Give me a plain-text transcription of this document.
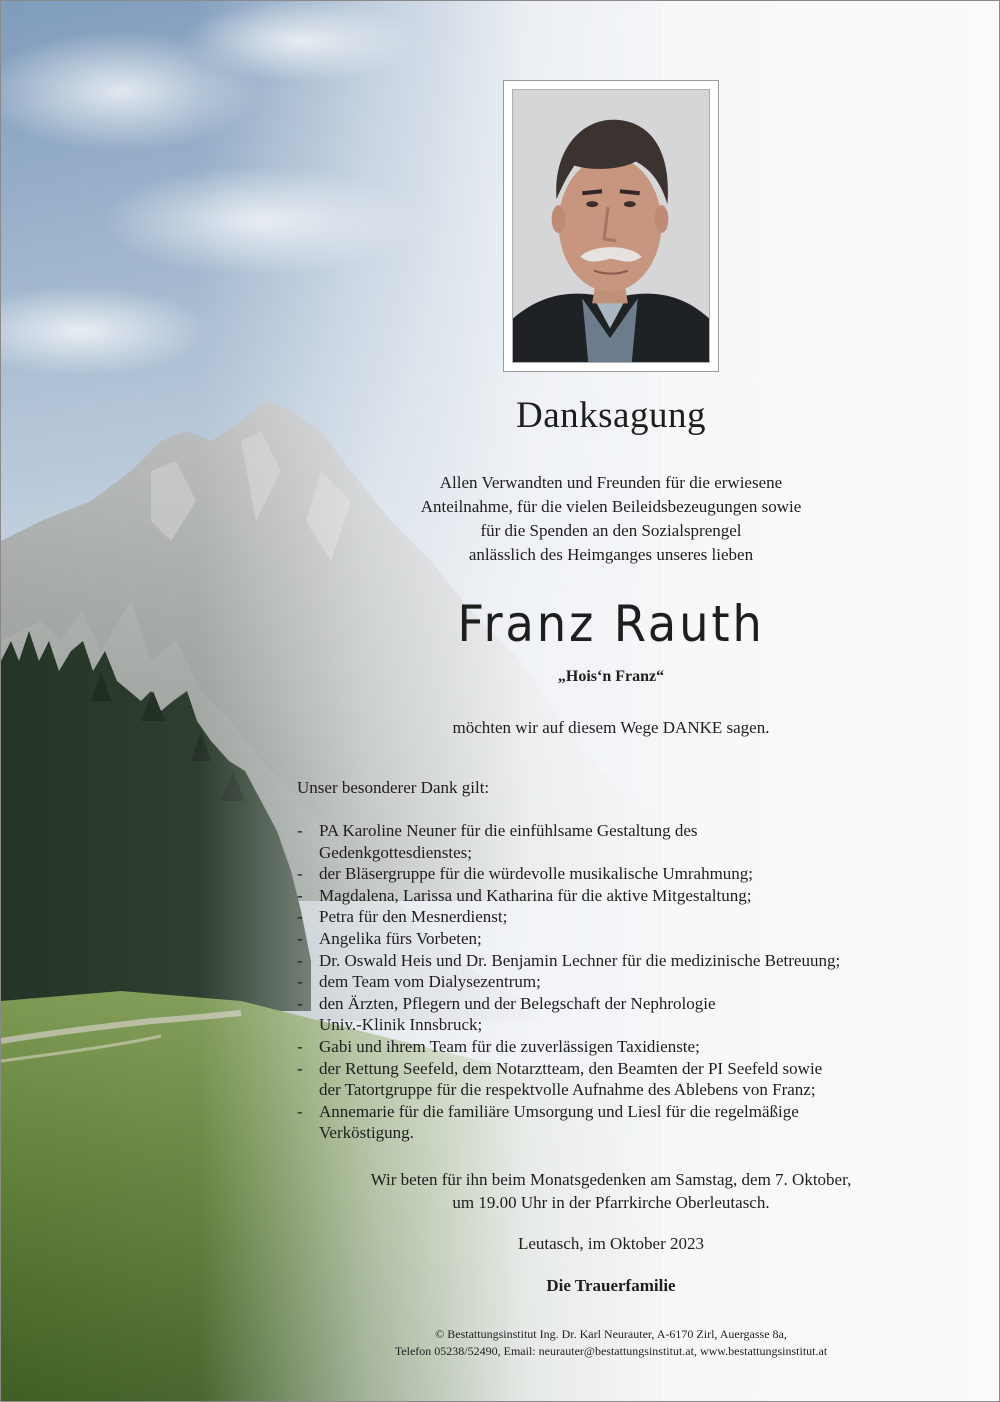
Danksagung
Allen Verwandten und Freunden für die erwiesene
Anteilnahme, für die vielen Beileidsbezeugungen sowie
für die Spenden an den Sozialsprengel
anlässlich des Heimganges unseres lieben
Franz Rauth
„Hois‘n Franz“
möchten wir auf diesem Wege DANKE sagen.
Unser besonderer Dank gilt:
- PA Karoline Neuner für die einfühlsame Gestaltung des
Gedenkgottesdienstes;
- der Bläsergruppe für die würdevolle musikalische Umrahmung;
- Magdalena, Larissa und Katharina für die aktive Mitgestaltung;
- Petra für den Mesnerdienst;
- Angelika fürs Vorbeten;
- Dr. Oswald Heis und Dr. Benjamin Lechner für die medizinische Betreuung;
- dem Team vom Dialysezentrum;
- den Ärzten, Pflegern und der Belegschaft der Nephrologie
Univ.-Klinik Innsbruck;
- Gabi und ihrem Team für die zuverlässigen Taxidienste;
- der Rettung Seefeld, dem Notarztteam, den Beamten der PI Seefeld sowie
der Tatortgruppe für die respektvolle Aufnahme des Ablebens von Franz;
- Annemarie für die familiäre Umsorgung und Liesl für die regelmäßige
Verköstigung.
Wir beten für ihn beim Monatsgedenken am Samstag, dem 7. Oktober,
um 19.00 Uhr in der Pfarrkirche Oberleutasch.
Leutasch, im Oktober 2023
Die Trauerfamilie
© Bestattungsinstitut Ing. Dr. Karl Neurauter, A-6170 Zirl, Auergasse 8a,
Telefon 05238/52490, Email: neurauter@bestattungsinstitut.at, www.bestattungsinstitut.at
